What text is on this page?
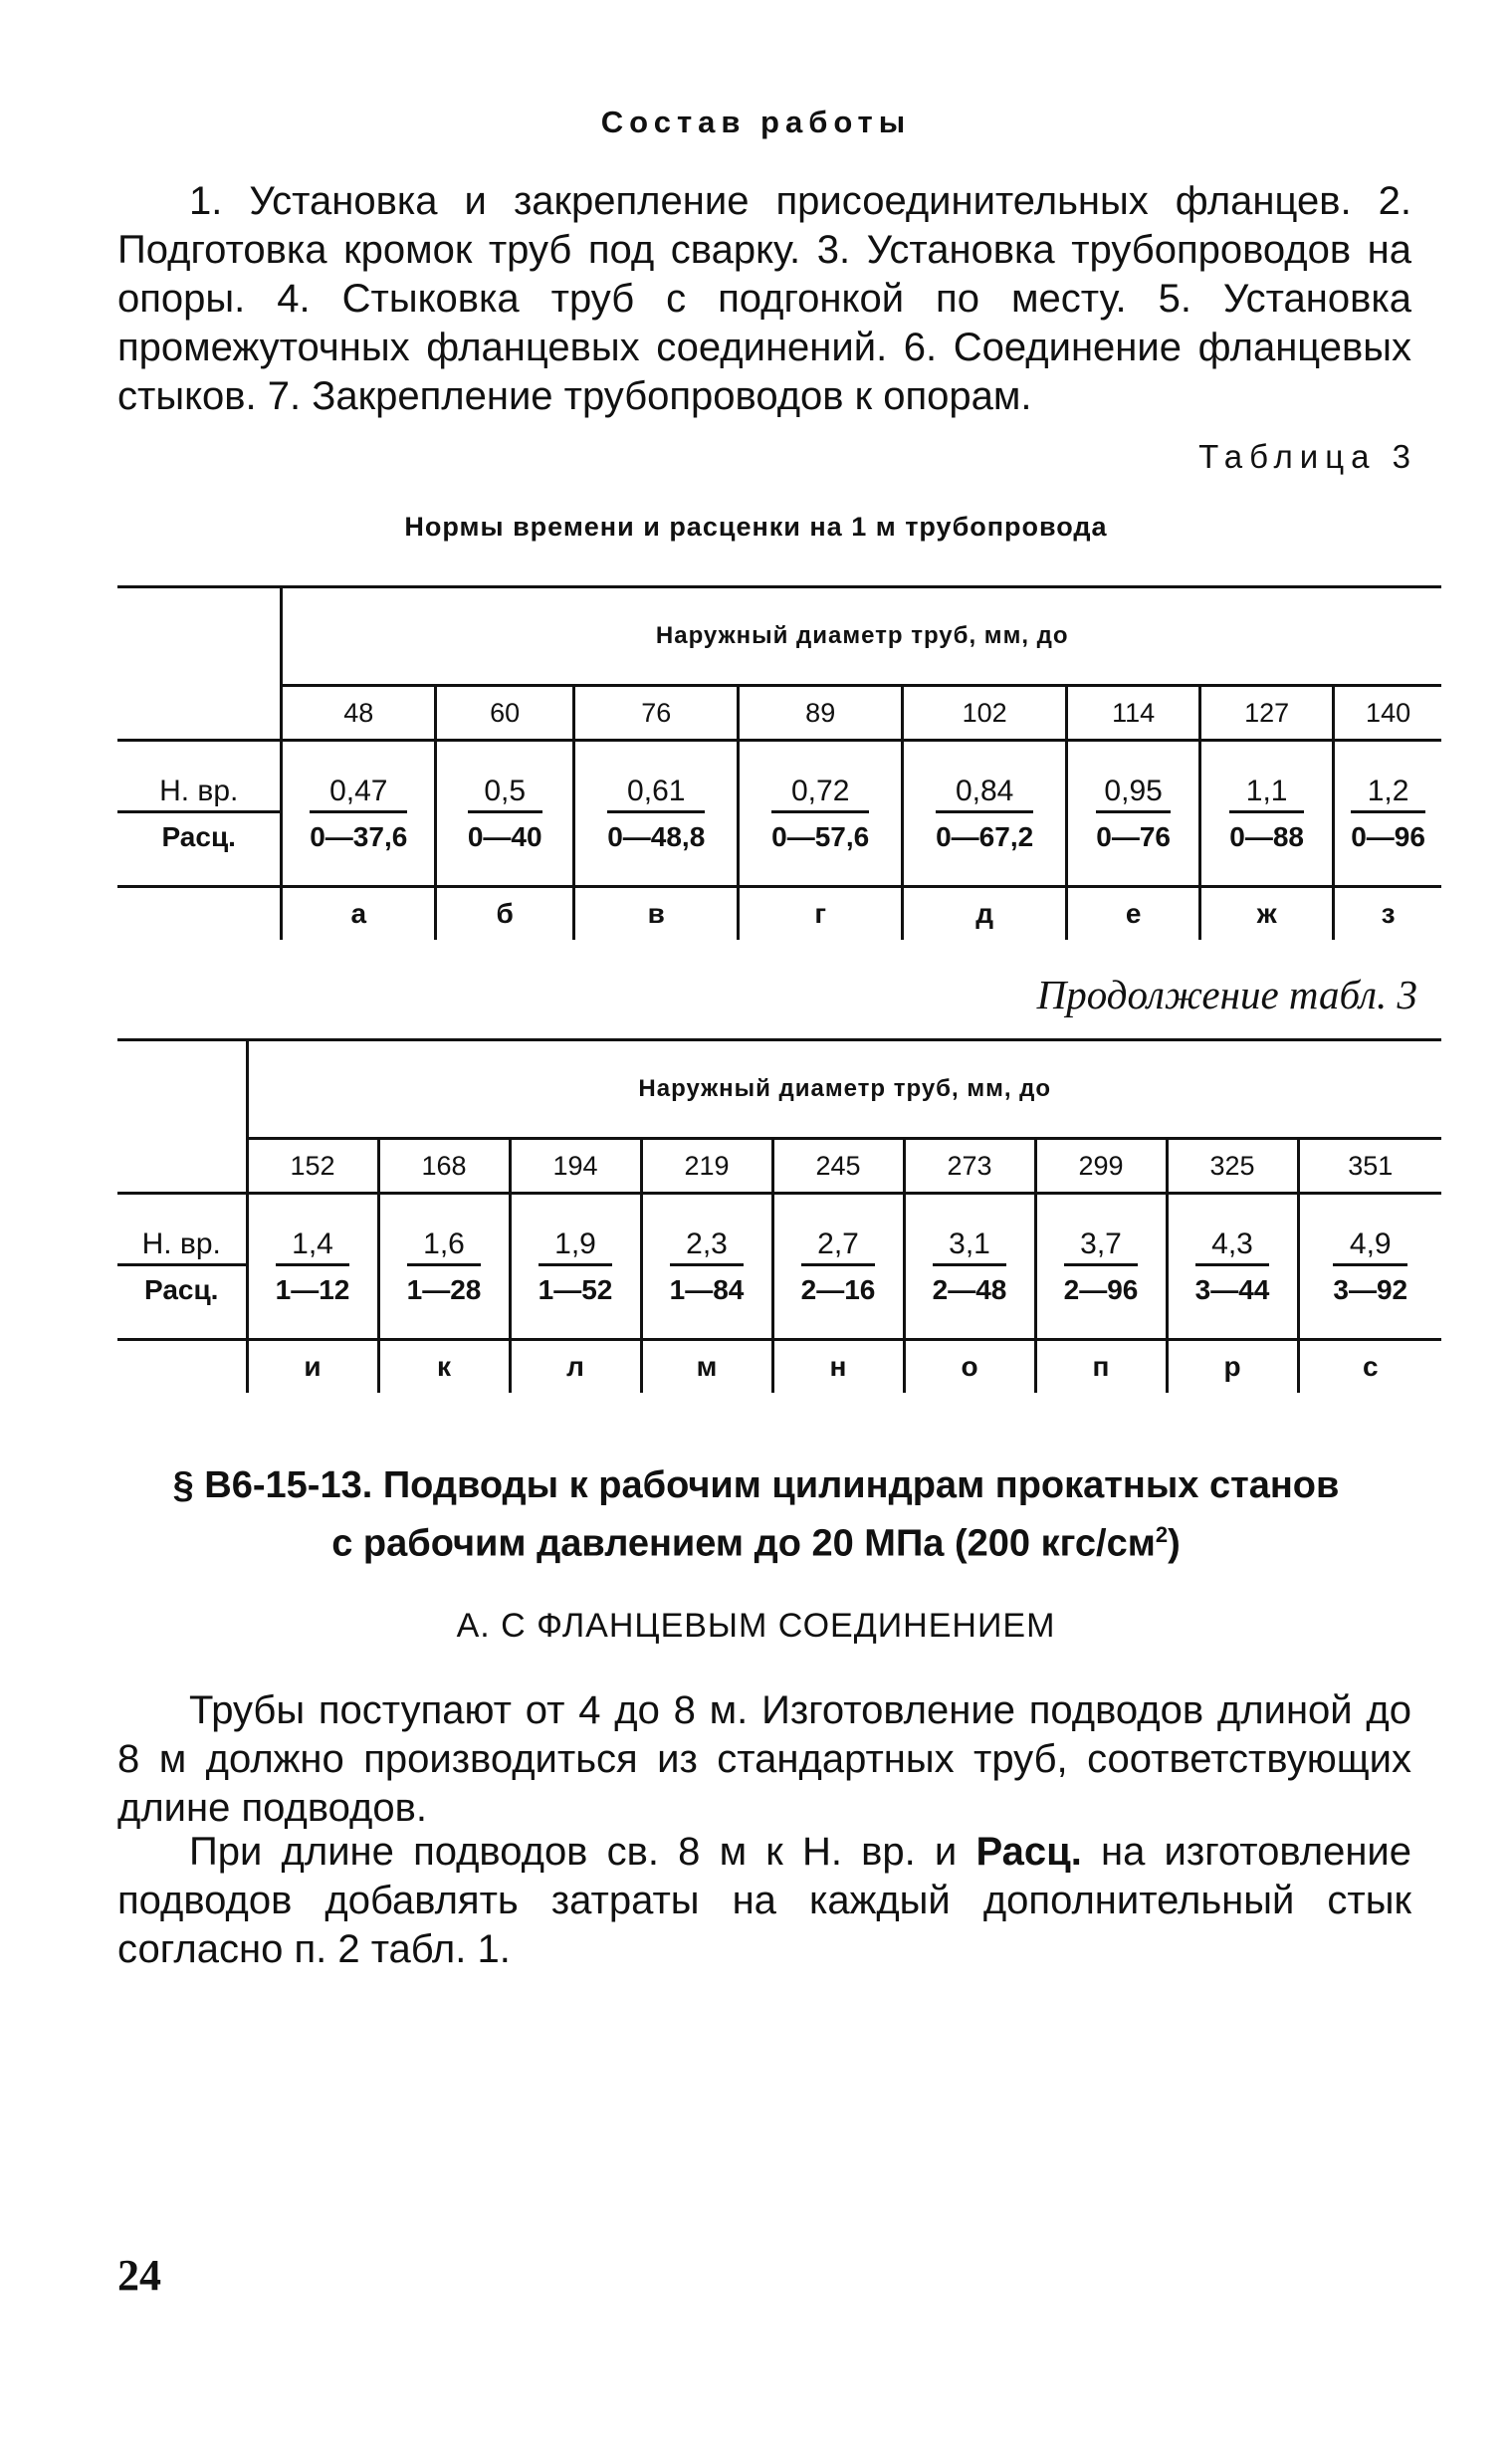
Состав работы
1. Установка и закрепление присоединительных фланцев. 2. Подготовка кромок труб под сварку. 3. Установка трубопроводов на опоры. 4. Стыковка труб с подгонкой по месту. 5. Установка промежуточных фланцевых соединений. 6. Соединение фланцевых стыков. 7. Закрепление трубопроводов к опорам.
Таблица 3
Нормы времени и расценки на 1 м трубопровода
	Наружный диаметр труб, мм, до							
	48	60	76	89	102	114	127	140

Н. вр.
Расц.	$\frac{0,47}{0—37,6}$	$\frac{0,5}{0—40}$	$\frac{0,61}{0—48,8}$	$\frac{0,72}{0—57,6}$	$\frac{0,84}{0—67,2}$	$\frac{0,95}{0—76}$	$\frac{1,1}{0—88}$	$\frac{1,2}{0—96}$

	а	б	в	г	д	е	ж	з
Продолжение табл. 3
	Наружный диаметр труб, мм, до								
	152	168	194	219	245	273	299	325	351

Н. вр.
Расц.	$\frac{1,4}{1—12}$	$\frac{1,6}{1—28}$	$\frac{1,9}{1—52}$	$\frac{2,3}{1—84}$	$\frac{2,7}{2—16}$	$\frac{3,1}{2—48}$	$\frac{3,7}{2—96}$	$\frac{4,3}{3—44}$	$\frac{4,9}{3—92}$

	и	к	л	м	н	о	п	р	с
§ В6-15-13. Подводы к рабочим цилиндрам прокатных станов
с рабочим давлением до 20 МПа (200 кгс/$см^2$)
А. С ФЛАНЦЕВЫМ СОЕДИНЕНИЕМ
Трубы поступают от 4 до 8 м. Изготовление подводов длиной до 8 м должно производиться из стандартных труб, соответствующих длине подводов.
При длине подводов св. 8 м к Н. вр. и Расц. на изготовление подводов добавлять затраты на каждый дополнительный стык согласно п. 2 табл. 1.
24
